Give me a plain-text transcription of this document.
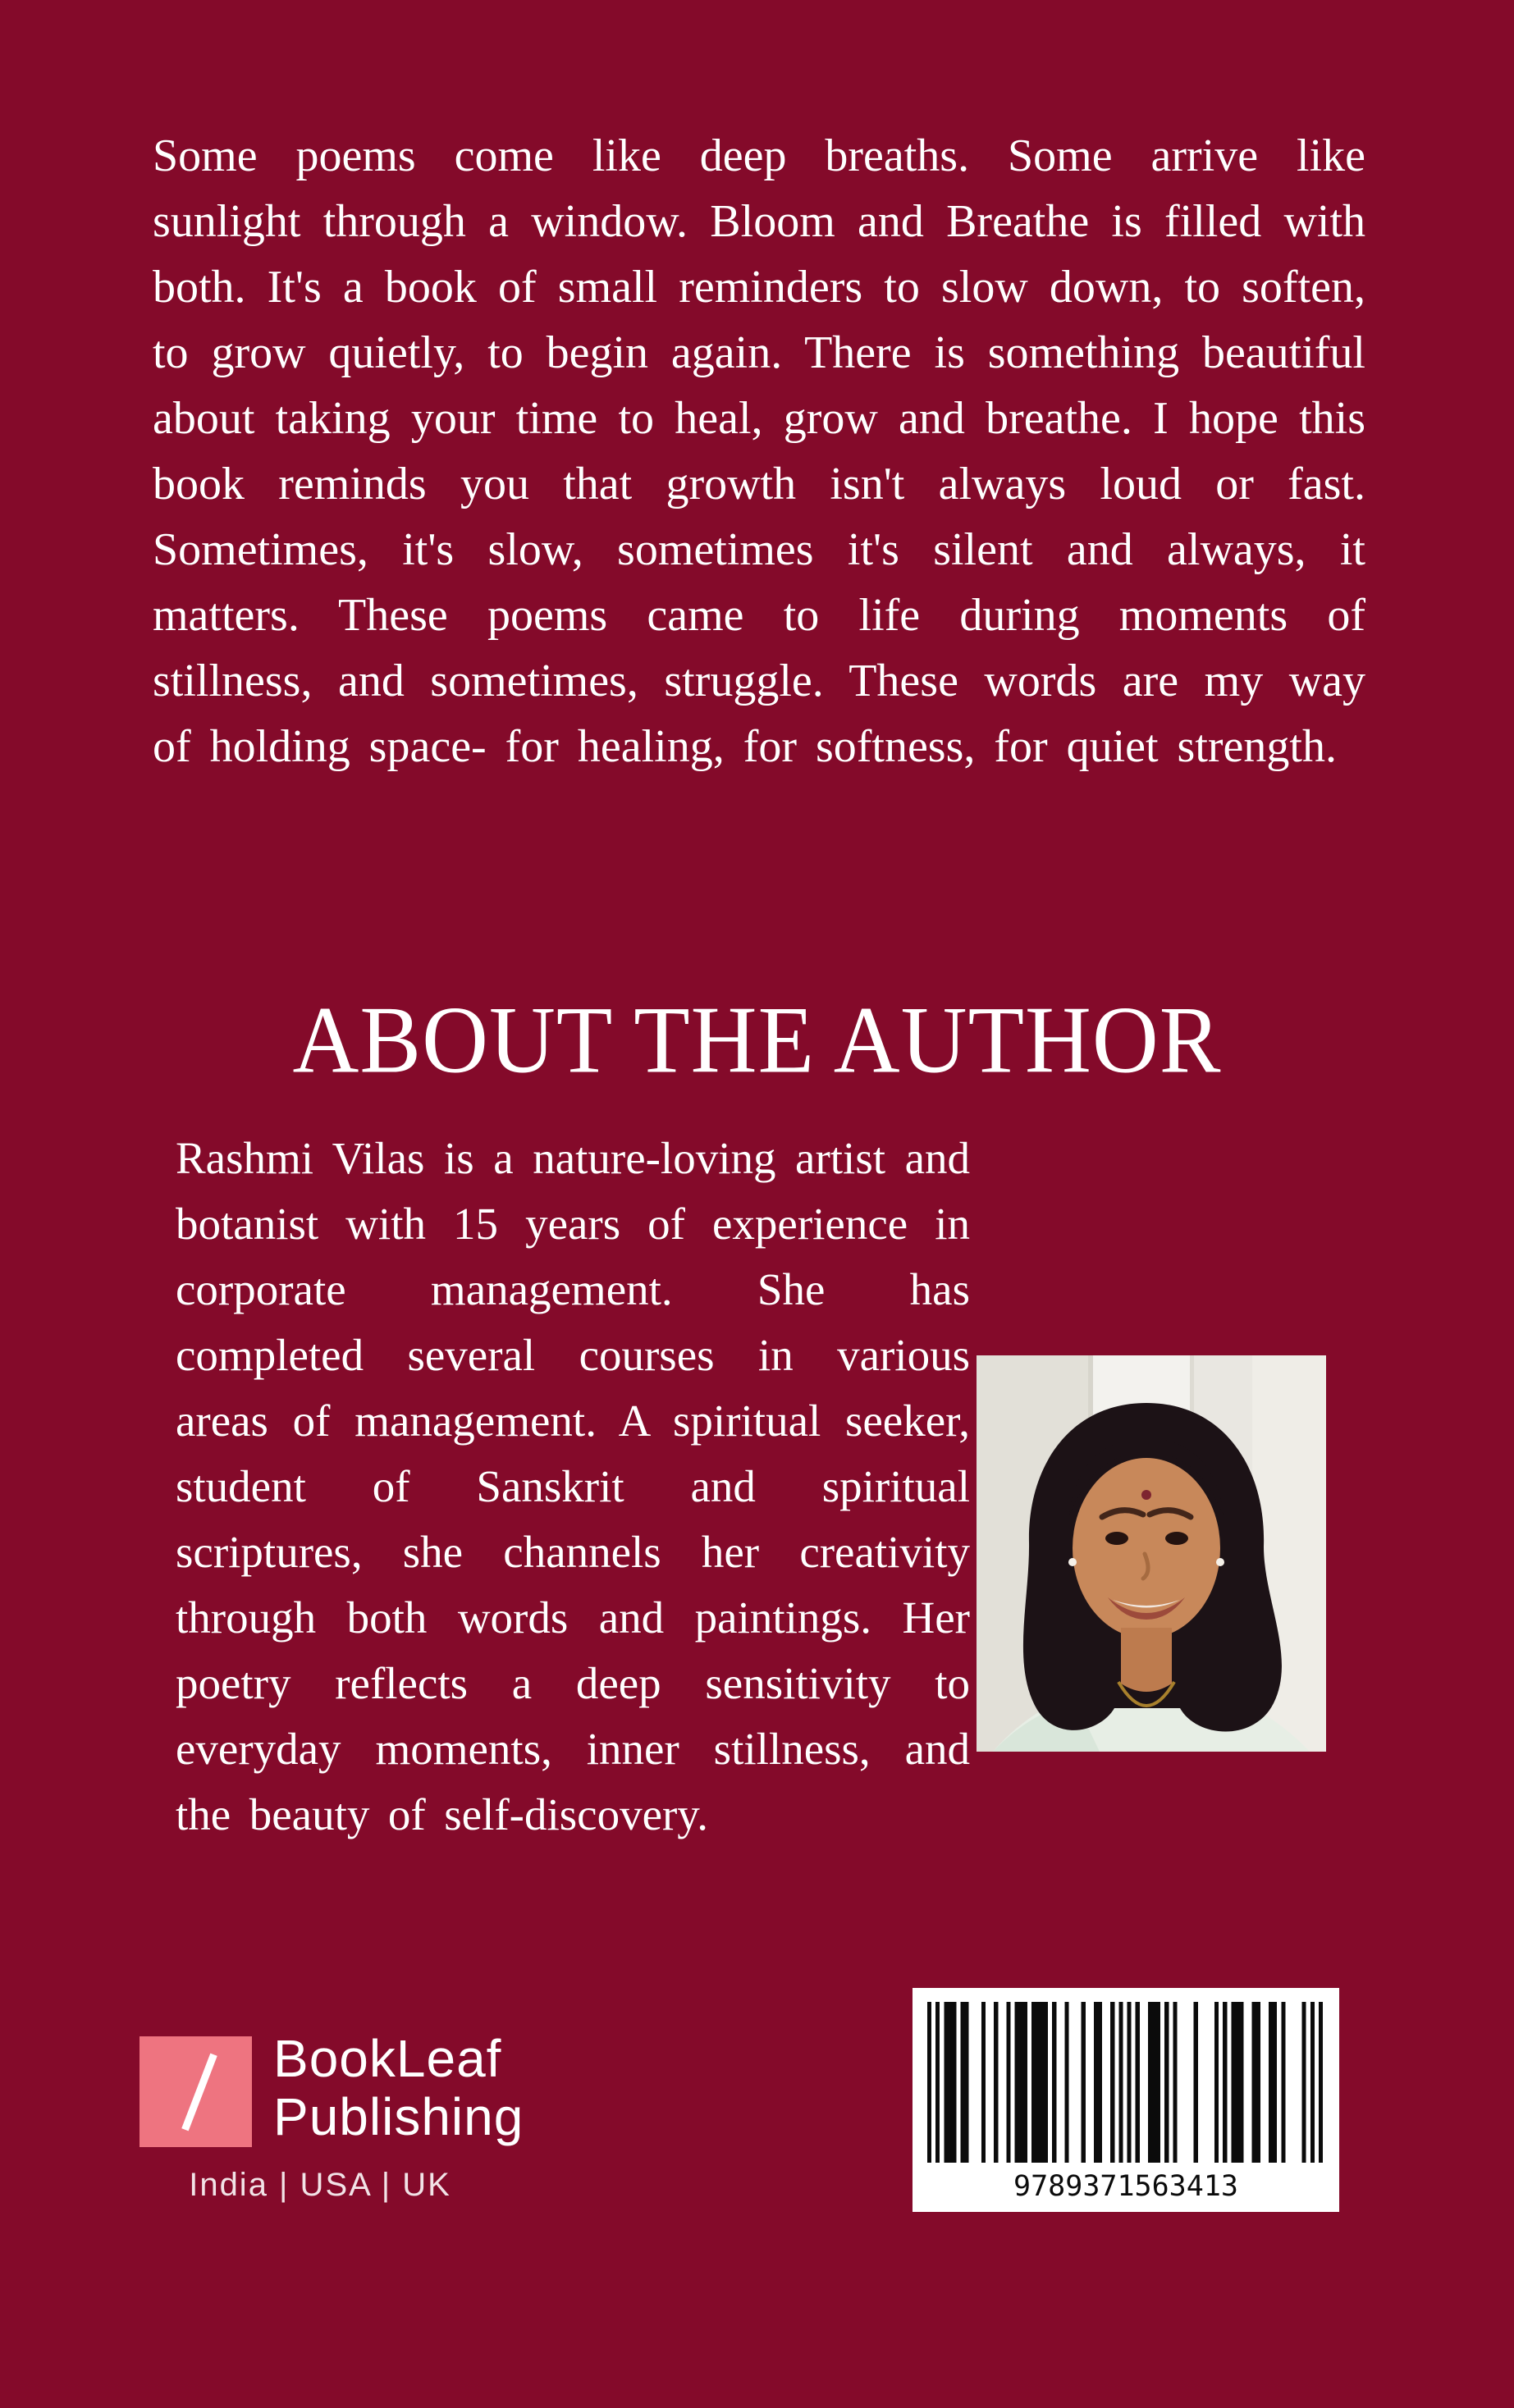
Some poems come like deep breaths. Some arrive like sunlight through a window. Bloom and Breathe is filled with both. It's a book of small reminders to slow down, to soften, to grow quietly, to begin again. There is something beautiful about taking your time to heal, grow and breathe. I hope this book reminds you that growth isn't always loud or fast. Sometimes, it's slow, sometimes it's silent and always, it matters. These poems came to life during moments of stillness, and sometimes, struggle. These words are my way of holding space- for healing, for softness, for quiet strength.

ABOUT THE AUTHOR

Rashmi Vilas is a nature-loving artist and botanist with 15 years of experience in corporate management. She has completed several courses in various areas of management. A spiritual seeker, student of Sanskrit and spiritual scriptures, she channels her creativity through both words and paintings. Her poetry reflects a deep sensitivity to everyday moments, inner stillness, and the beauty of self-discovery.

BookLeaf
Publishing
India | USA | UK	9789371563413
